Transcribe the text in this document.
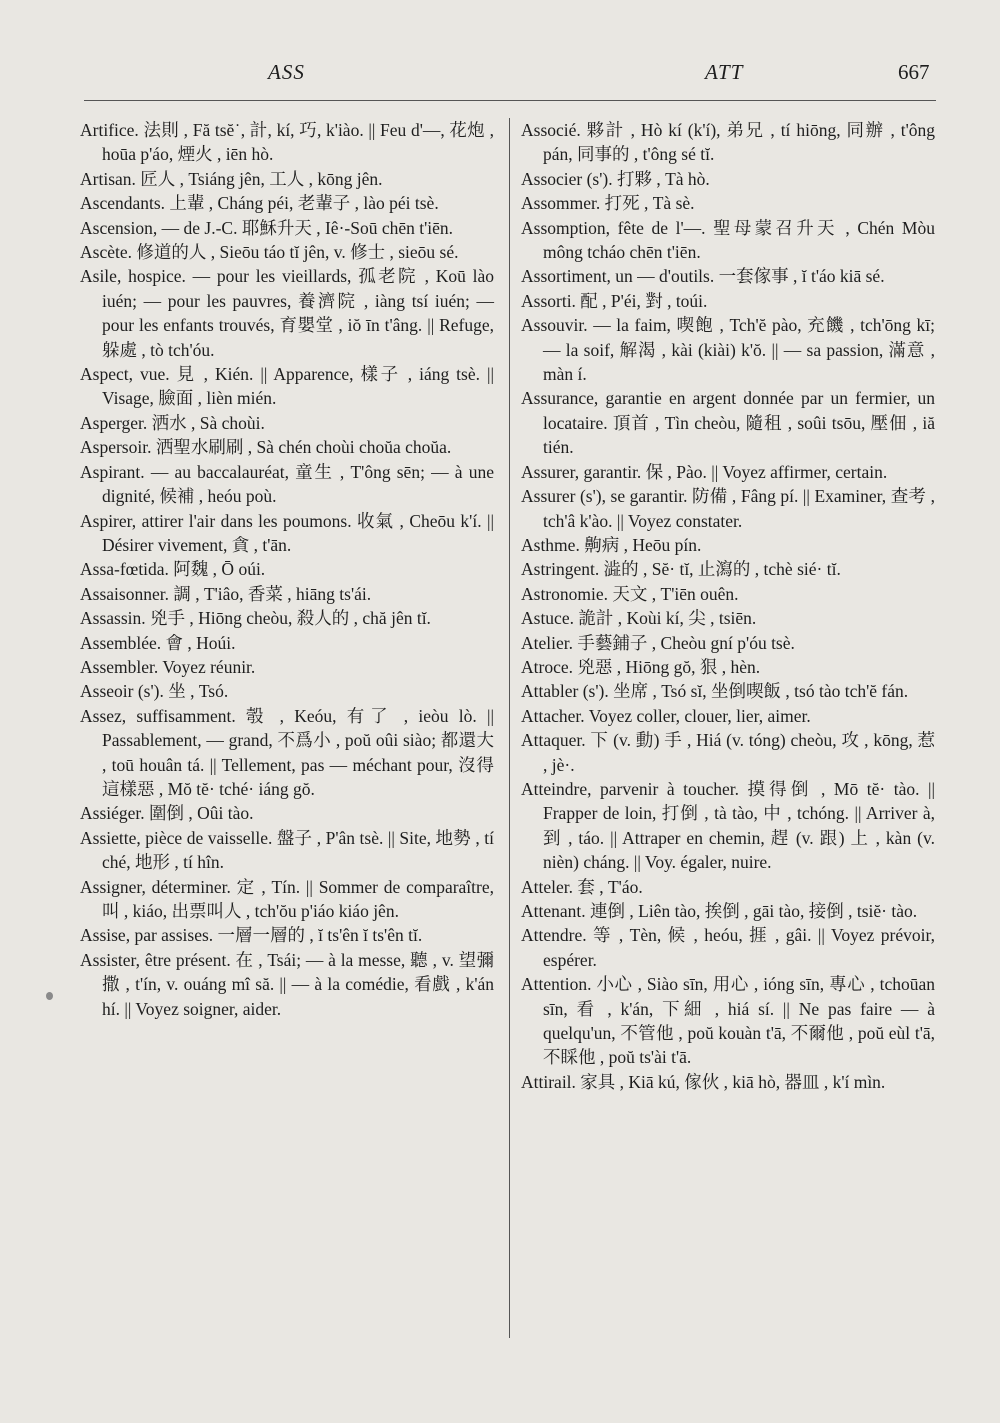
ASS	ATT	667

Artifice. 法則 , Fă tsĕ˙, 計, kí, 巧, k'iào. || Feu d'—, 花炮 , hoūa p'áo, 煙火 , iēn hò.

Artisan. 匠人 , Tsiáng jên, 工人 , kōng jên.

Ascendants. 上輩 , Cháng péi, 老輩子 , lào péi tsè.

Ascension, — de J.-C. 耶穌升天 , Iê·-Soū chēn t'iēn.

Ascète. 修道的人 , Sieōu táo tĭ jên, v. 修士 , sieōu sé.

Asile, hospice. — pour les vieillards, 孤老院 , Koū lào iuén; — pour les pauvres, 養濟院 , iàng tsí iuén; — pour les enfants trouvés, 育嬰堂 , iŏ īn t'âng. || Refuge, 躲處 , tò tch'óu.

Aspect, vue. 見 , Kién. || Apparence, 樣子 , iáng tsè. || Visage, 臉面 , lièn mién.

Asperger. 洒水 , Sà choùi.

Aspersoir. 洒聖水刷刷 , Sà chén choùi choŭa choŭa.

Aspirant. — au baccalauréat, 童生 , T'ông sēn; — à une dignité, 候補 , heóu poù.

Aspirer, attirer l'air dans les poumons. 收氣 , Cheōu k'í. || Désirer vivement, 貪 , t'ān.

Assa-fœtida. 阿魏 , Ō oúi.

Assaisonner. 調 , T'iâo, 香菜 , hiāng ts'ái.

Assassin. 兇手 , Hiōng cheòu, 殺人的 , chă jên tĭ.

Assemblée. 會 , Hoúi.

Assembler. Voyez réunir.

Asseoir (s'). 坐 , Tsó.

Assez, suffisamment. 彀 , Keóu, 有了 , ieòu lò. || Passablement, — grand, 不爲小 , poŭ oûi siào; 都還大 , toū houân tá. || Tellement, pas — méchant pour, 沒得這樣惡 , Mŏ tĕ· tché· iáng gŏ.

Assiéger. 圍倒 , Oûi tào.

Assiette, pièce de vaisselle. 盤子 , P'ân tsè. || Site, 地勢 , tí ché, 地形 , tí hîn.

Assigner, déterminer. 定 , Tín. || Sommer de comparaître, 叫 , kiáo, 出票叫人 , tch'ŏu p'iáo kiáo jên.

Assise, par assises. 一層一層的 , ĭ ts'ên ĭ ts'ên tĭ.

Assister, être présent. 在 , Tsái; — à la messe, 聽 , v. 望彌撒 , t'ín, v. ouáng mî să. || — à la comédie, 看戲 , k'án hí. || Voyez soigner, aider.

Associé. 夥計 , Hò kí (k'í), 弟兄 , tí hiōng, 同辦 , t'ông pán, 同事的 , t'ông sé tĭ.

Associer (s'). 打夥 , Tà hò.

Assommer. 打死 , Tà sè.

Assomption, fête de l'—. 聖母蒙召升天 , Chén Mòu mông tcháo chēn t'iēn.

Assortiment, un — d'outils. 一套傢事 , ĭ t'áo kiā sé.

Assorti. 配 , P'éi, 對 , toúi.

Assouvir. — la faim, 喫飽 , Tch'ĕ pào, 充饑 , tch'ōng kī; — la soif, 解渴 , kài (kiài) k'ŏ. || — sa passion, 滿意 , màn í.

Assurance, garantie en argent donnée par un fermier, un locataire. 頂首 , Tìn cheòu, 隨租 , soûi tsōu, 壓佃 , iă tién.

Assurer, garantir. 保 , Pào. || Voyez affirmer, certain.

Assurer (s'), se garantir. 防備 , Fâng pí. || Examiner, 查考 , tch'â k'ào. || Voyez constater.

Asthme. 齁病 , Heōu pín.

Astringent. 澁的 , Sĕ· tĭ, 止瀉的 , tchè sié· tĭ.

Astronomie. 天文 , T'iēn ouên.

Astuce. 詭計 , Koùi kí, 尖 , tsiēn.

Atelier. 手藝鋪子 , Cheòu gní p'óu tsè.

Atroce. 兇惡 , Hiōng gŏ, 狠 , hèn.

Attabler (s'). 坐席 , Tsó sĭ, 坐倒喫飯 , tsó tào tch'ĕ fán.

Attacher. Voyez coller, clouer, lier, aimer.

Attaquer. 下 (v. 動) 手 , Hiá (v. tóng) cheòu, 攻 , kōng, 惹 , jè·.

Atteindre, parvenir à toucher. 摸得倒 , Mō tĕ· tào. || Frapper de loin, 打倒 , tà tào, 中 , tchóng. || Arriver à, 到 , táo. || Attraper en chemin, 趕 (v. 跟) 上 , kàn (v. nièn) cháng. || Voy. égaler, nuire.

Atteler. 套 , T'áo.

Attenant. 連倒 , Liên tào, 挨倒 , gāi tào, 接倒 , tsiĕ· tào.

Attendre. 等 , Tèn, 候 , heóu, 捱 , gâi. || Voyez prévoir, espérer.

Attention. 小心 , Siào sīn, 用心 , ióng sīn, 專心 , tchoūan sīn, 看 , k'án, 下細 , hiá sí. || Ne pas faire — à quelqu'un, 不管他 , poŭ kouàn t'ā, 不爾他 , poŭ eùl t'ā, 不睬他 , poŭ ts'ài t'ā.

Attirail. 家具 , Kiā kú, 傢伙 , kiā hò, 器皿 , k'í mìn.
